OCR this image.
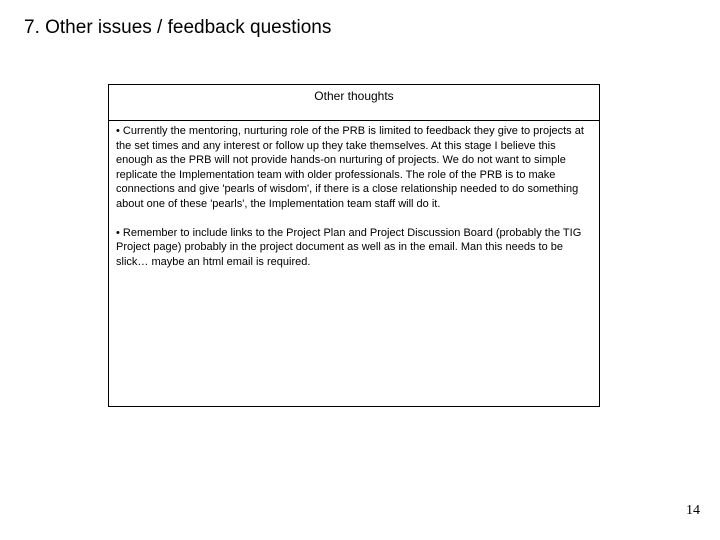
7. Other issues / feedback questions
Other thoughts

• Currently the mentoring, nurturing role of the PRB is limited to feedback they give to projects at the set times and any interest or follow up they take themselves. At this stage I believe this enough as the PRB will not provide hands-on nurturing of projects. We do not want to simple replicate the Implementation team with older professionals. The role of the PRB is to make connections and give 'pearls of wisdom', if there is a close relationship needed to do something about one of these 'pearls', the Implementation team staff will do it.

• Remember to include links to the Project Plan and Project Discussion Board (probably the TIG Project page) probably in the project document as well as in the email. Man this needs to be slick… maybe an html email is required.

14
